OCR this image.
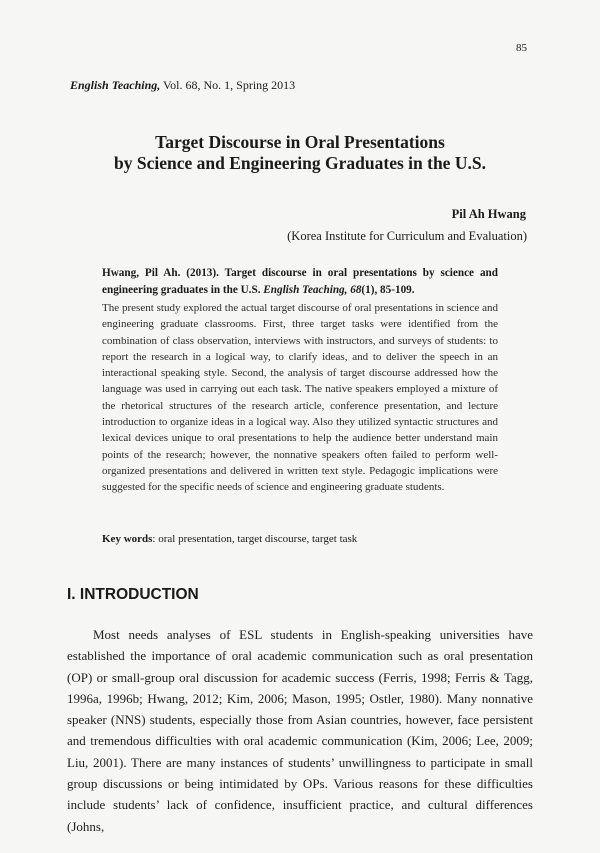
85
English Teaching, Vol. 68, No. 1, Spring 2013
Target Discourse in Oral Presentations
by Science and Engineering Graduates in the U.S.
Pil Ah Hwang
(Korea Institute for Curriculum and Evaluation)
Hwang, Pil Ah. (2013). Target discourse in oral presentations by science and engineering graduates in the U.S. English Teaching, 68(1), 85-109.
The present study explored the actual target discourse of oral presentations in science and engineering graduate classrooms. First, three target tasks were identified from the combination of class observation, interviews with instructors, and surveys of students: to report the research in a logical way, to clarify ideas, and to deliver the speech in an interactional speaking style. Second, the analysis of target discourse addressed how the language was used in carrying out each task. The native speakers employed a mixture of the rhetorical structures of the research article, conference presentation, and lecture introduction to organize ideas in a logical way. Also they utilized syntactic structures and lexical devices unique to oral presentations to help the audience better understand main points of the research; however, the nonnative speakers often failed to perform well-organized presentations and delivered in written text style. Pedagogic implications were suggested for the specific needs of science and engineering graduate students.
Key words: oral presentation, target discourse, target task
I. INTRODUCTION

Most needs analyses of ESL students in English-speaking universities have established the importance of oral academic communication such as oral presentation (OP) or small-group oral discussion for academic success (Ferris, 1998; Ferris & Tagg, 1996a, 1996b; Hwang, 2012; Kim, 2006; Mason, 1995; Ostler, 1980). Many nonnative speaker (NNS) students, especially those from Asian countries, however, face persistent and tremendous difficulties with oral academic communication (Kim, 2006; Lee, 2009; Liu, 2001). There are many instances of students’ unwillingness to participate in small group discussions or being intimidated by OPs. Various reasons for these difficulties include students’ lack of confidence, insufficient practice, and cultural differences (Johns,
